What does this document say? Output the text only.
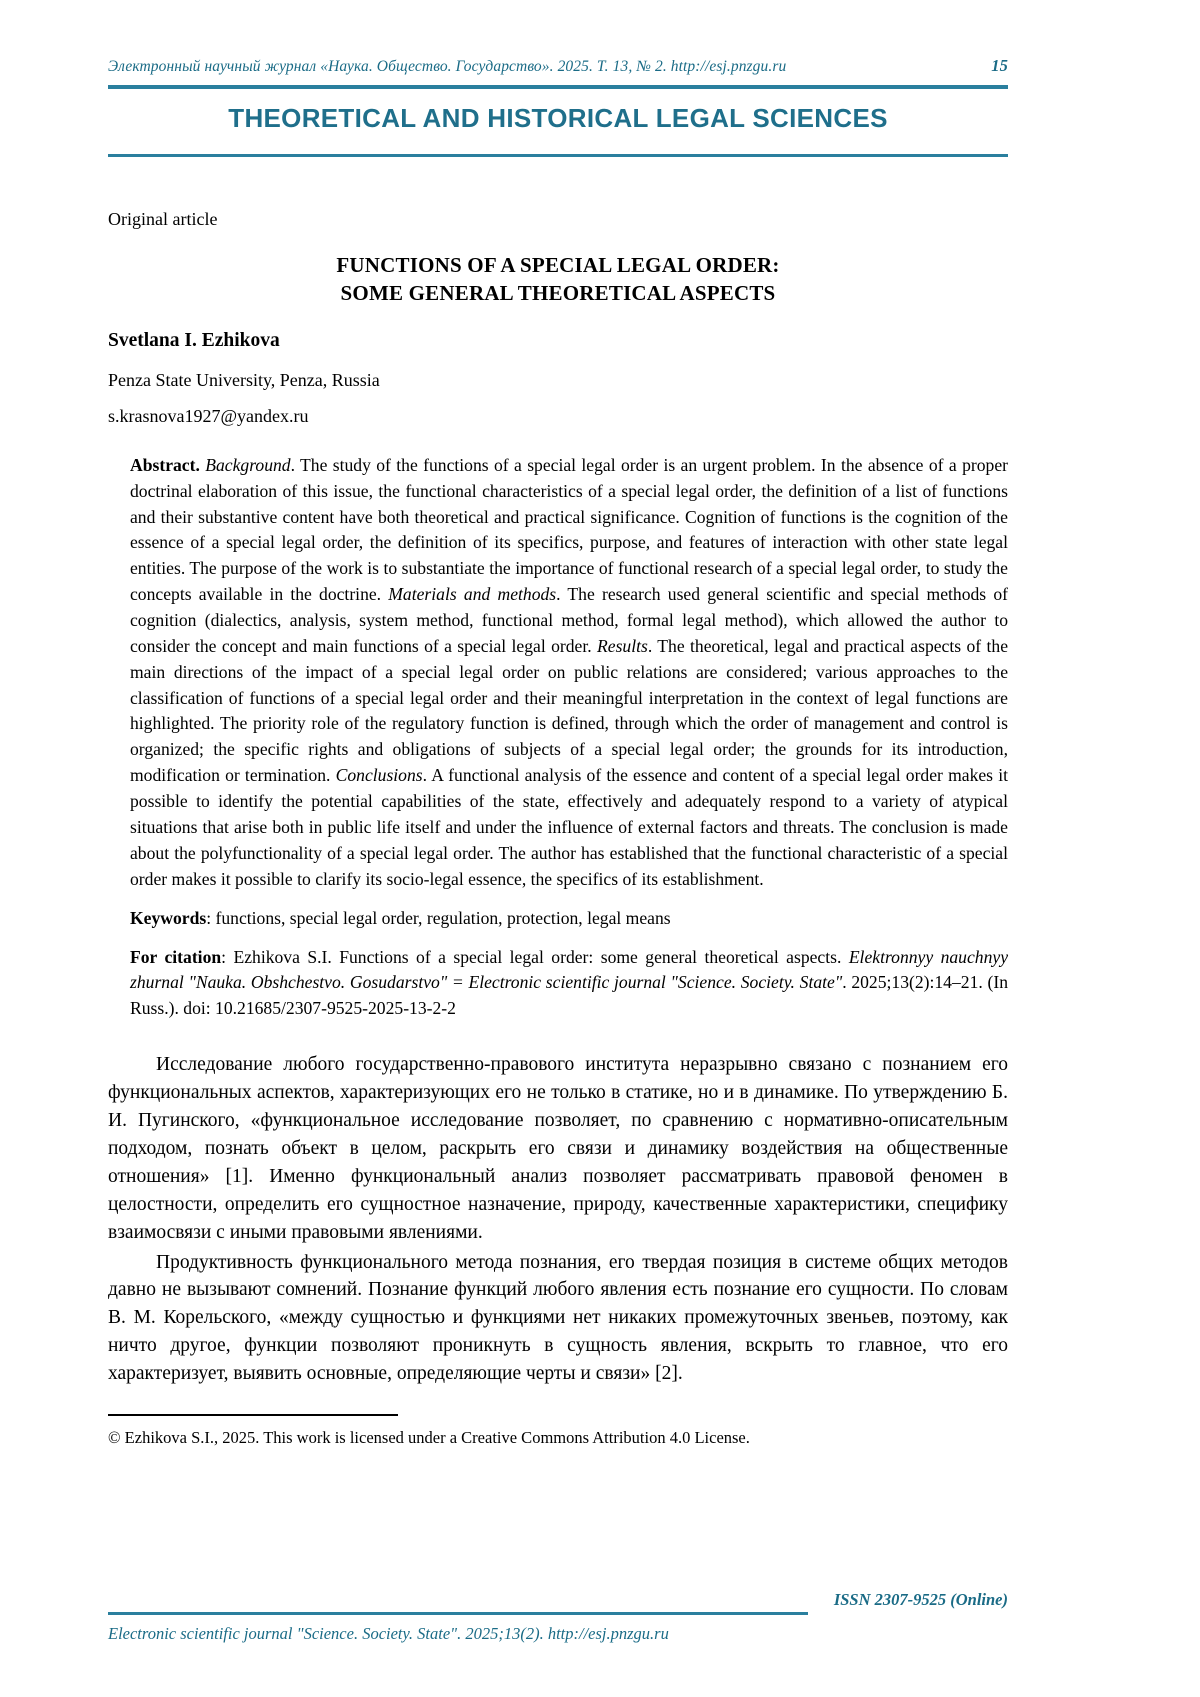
Электронный научный журнал «Наука. Общество. Государство». 2025. Т. 13, № 2. http://esj.pnzgu.ru	15
THEORETICAL AND HISTORICAL LEGAL SCIENCES
Original article
FUNCTIONS OF A SPECIAL LEGAL ORDER:
SOME GENERAL THEORETICAL ASPECTS
Svetlana I. Ezhikova
Penza State University, Penza, Russia
s.krasnova1927@yandex.ru
Abstract. Background. The study of the functions of a special legal order is an urgent problem. In the absence of a proper doctrinal elaboration of this issue, the functional characteristics of a special legal order, the definition of a list of functions and their substantive content have both theoretical and practical significance. Cognition of functions is the cognition of the essence of a special legal order, the definition of its specifics, purpose, and features of interaction with other state legal entities. The purpose of the work is to substantiate the importance of functional research of a special legal order, to study the concepts available in the doctrine. Materials and methods. The research used general scientific and special methods of cognition (dialectics, analysis, system method, functional method, formal legal method), which allowed the author to consider the concept and main functions of a special legal order. Results. The theoretical, legal and practical aspects of the main directions of the impact of a special legal order on public relations are considered; various approaches to the classification of functions of a special legal order and their meaningful interpretation in the context of legal functions are highlighted. The priority role of the regulatory function is defined, through which the order of management and control is organized; the specific rights and obligations of subjects of a special legal order; the grounds for its introduction, modification or termination. Conclusions. A functional analysis of the essence and content of a special legal order makes it possible to identify the potential capabilities of the state, effectively and adequately respond to a variety of atypical situations that arise both in public life itself and under the influence of external factors and threats. The conclusion is made about the polyfunctionality of a special legal order. The author has established that the functional characteristic of a special order makes it possible to clarify its socio-legal essence, the specifics of its establishment.
Keywords: functions, special legal order, regulation, protection, legal means
For citation: Ezhikova S.I. Functions of a special legal order: some general theoretical aspects. Elektronnyy nauchnyy zhurnal "Nauka. Obshchestvo. Gosudarstvo" = Electronic scientific journal "Science. Society. State". 2025;13(2):14–21. (In Russ.). doi: 10.21685/2307-9525-2025-13-2-2

Исследование любого государственно-правового института неразрывно связано с познанием его функциональных аспектов, характеризующих его не только в статике, но и в динамике. По утверждению Б. И. Пугинского, «функциональное исследование позволяет, по сравнению с нормативно-описательным подходом, познать объект в целом, раскрыть его связи и динамику воздействия на общественные отношения» [1]. Именно функциональный анализ позволяет рассматривать правовой феномен в целостности, определить его сущностное назначение, природу, качественные характеристики, специфику взаимосвязи с иными правовыми явлениями.

Продуктивность функционального метода познания, его твердая позиция в системе общих методов давно не вызывают сомнений. Познание функций любого явления есть познание его сущности. По словам В. М. Корельского, «между сущностью и функциями нет никаких промежуточных звеньев, поэтому, как ничто другое, функции позволяют проникнуть в сущность явления, вскрыть то главное, что его характеризует, выявить основные, определяющие черты и связи» [2].

© Ezhikova S.I., 2025. This work is licensed under a Creative Commons Attribution 4.0 License.
ISSN 2307-9525 (Online)
Electronic scientific journal "Science. Society. State". 2025;13(2). http://esj.pnzgu.ru
